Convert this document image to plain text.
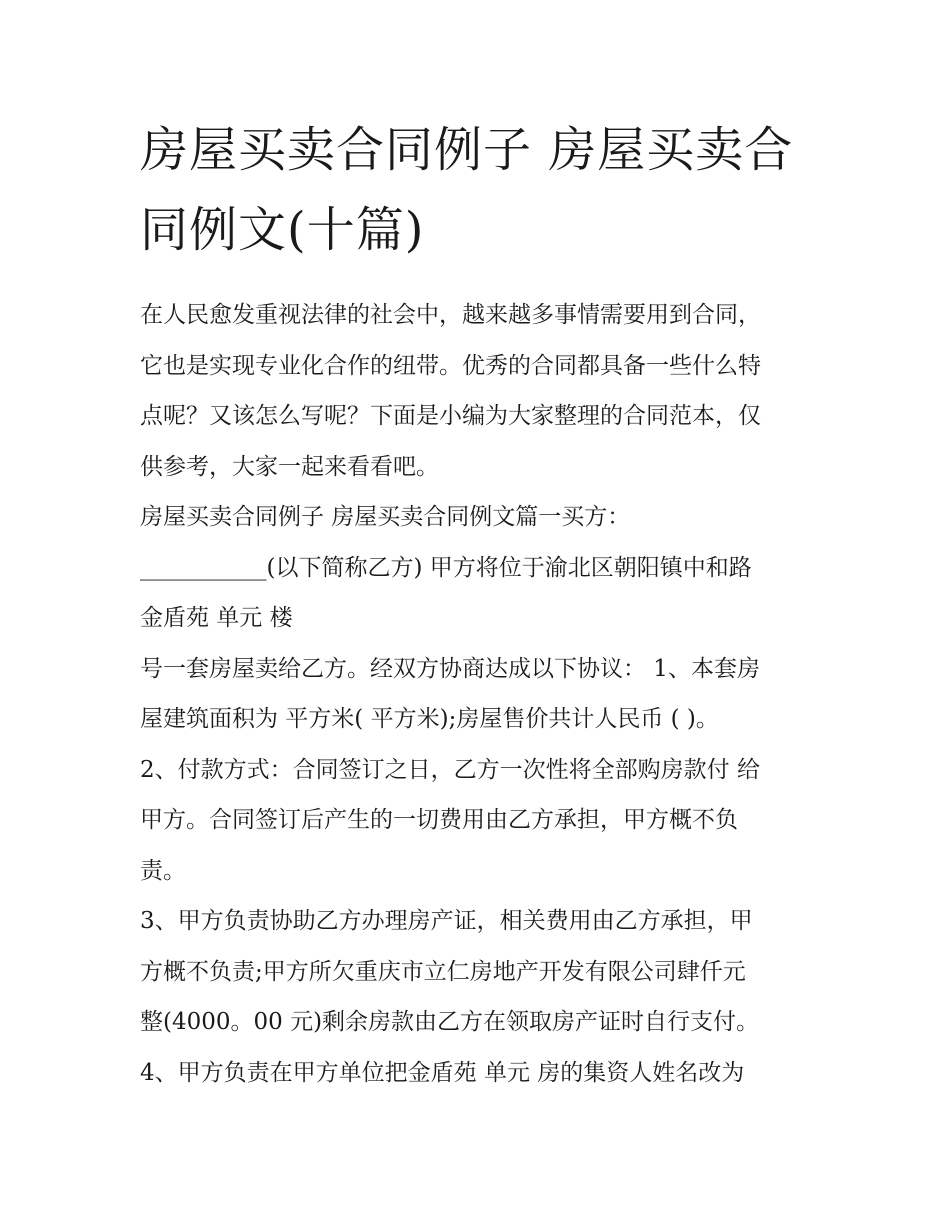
房屋买卖合同例子 房屋买卖合
同例文(十篇)

在人民愈发重视法律的社会中，越来越多事情需要用到合同，

它也是实现专业化合作的纽带。优秀的合同都具备一些什么特

点呢？又该怎么写呢？下面是小编为大家整理的合同范本，仅

供参考，大家一起来看看吧。

房屋买卖合同例子 房屋买卖合同例文篇一买方：

___________(以下简称乙方) 甲方将位于渝北区朝阳镇中和路

金盾苑 单元 楼

号一套房屋卖给乙方。经双方协商达成以下协议： 1、本套房

屋建筑面积为 平方米( 平方米);房屋售价共计人民币 ( )。

2、付款方式：合同签订之日，乙方一次性将全部购房款付 给

甲方。合同签订后产生的一切费用由乙方承担，甲方概不负

责。

3、甲方负责协助乙方办理房产证，相关费用由乙方承担，甲

方概不负责;甲方所欠重庆市立仁房地产开发有限公司肆仟元

整(4000。00 元)剩余房款由乙方在领取房产证时自行支付。

4、甲方负责在甲方单位把金盾苑 单元 房的集资人姓名改为
